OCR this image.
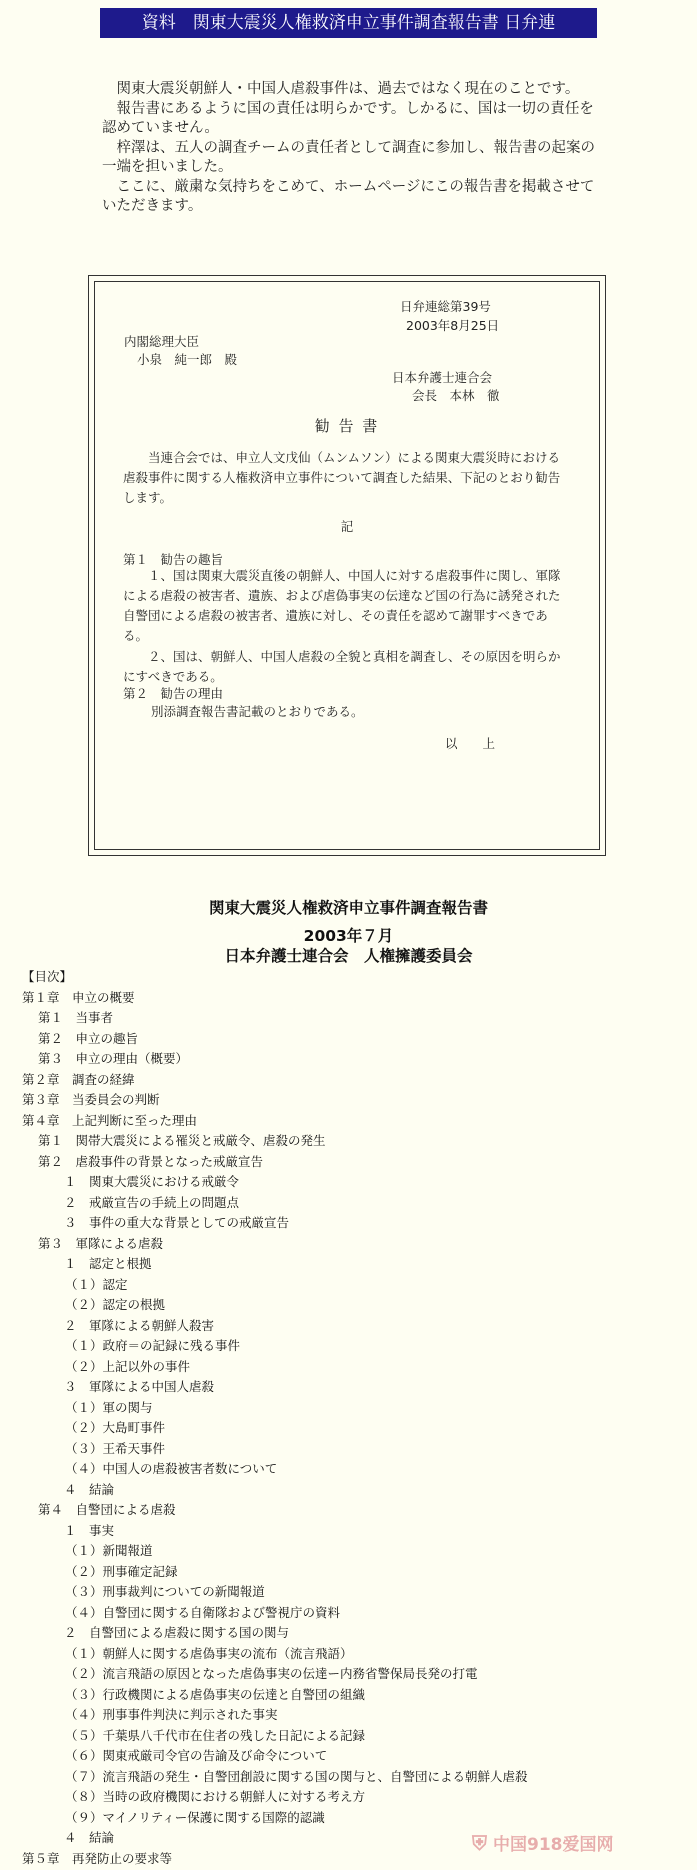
資料　関東大震災人権救済申立事件調査報告書 日弁連

関東大震災朝鮮人・中国人虐殺事件は、過去ではなく現在のことです。

報告書にあるように国の責任は明らかです。しかるに、国は一切の責任を認めていません。

梓澤は、五人の調査チームの責任者として調査に参加し、報告書の起案の一端を担いました。

ここに、厳粛な気持ちをこめて、ホームページにこの報告書を掲載させていただきます。

日弁連総第39号
2003年8月25日
内閣総理大臣
小泉　純一郎　殿
日本弁護士連合会
会長　本林　徹
勧 告 書
当連合会では、申立人文戊仙（ムンムソン）による関東大震災時における 虐殺事件に関する人権救済申立事件について調査した結果、下記のとおり勧告します。
記
第１　勧告の趣旨
１、国は関東大震災直後の朝鮮人、中国人に対する虐殺事件に関し、軍隊による虐殺の被害者、遺族、および虐偽事実の伝達など国の行為に誘発された自警団による虐殺の被害者、遺族に対し、その責任を認めて謝罪すべきである。
２、国は、朝鮮人、中国人虐殺の全貌と真相を調査し、その原因を明らかにすべきである。
第２　勧告の理由
別添調査報告書記載のとおりである。
以　　上
関東大震災人権救済申立事件調査報告書
2003年７月
日本弁護士連合会　人権擁護委員会
【目次】
第１章　申立の概要
第１　当事者
第２　申立の趣旨
第３　申立の理由（概要）
第２章　調査の経緯
第３章　当委員会の判断
第４章　上記判断に至った理由
第１　関帯大震災による罹災と戒厳令、虐殺の発生
第２　虐殺事件の背景となった戒厳宣告
１　関東大震災における戒厳令
２　戒厳宣告の手続上の問題点
３　事件の重大な背景としての戒厳宣告
第３　軍隊による虐殺
１　認定と根拠
（１）認定
（２）認定の根拠
２　軍隊による朝鮮人殺害
（１）政府＝の記録に残る事件
（２）上記以外の事件
３　軍隊による中国人虐殺
（１）軍の関与
（２）大島町事件
（３）王希天事件
（４）中国人の虐殺被害者数について
４　結論
第４　自警団による虐殺
１　事実
（１）新聞報道
（２）刑事確定記録
（３）刑事裁判についての新聞報道
（４）自警団に関する自衛隊および警視庁の資料
２　自警団による虐殺に関する国の関与
（１）朝鮮人に関する虐偽事実の流布（流言飛語）
（２）流言飛語の原因となった虐偽事実の伝達ー内務省警保局長発の打電
（３）行政機関による虐偽事実の伝達と自警団の組織
（４）刑事事件判決に判示された事実
（５）千葉県八千代市在住者の残した日記による記録
（６）関東戒厳司令官の告諭及び命令について
（７）流言飛語の発生・自警団創設に関する国の関与と、自警団による朝鮮人虐殺
（８）当時の政府機関における朝鮮人に対する考え方
（９）マイノリティー保護に関する国際的認識
４　結論
第５章　再発防止の要求等
⛨ 中国918爱国网
